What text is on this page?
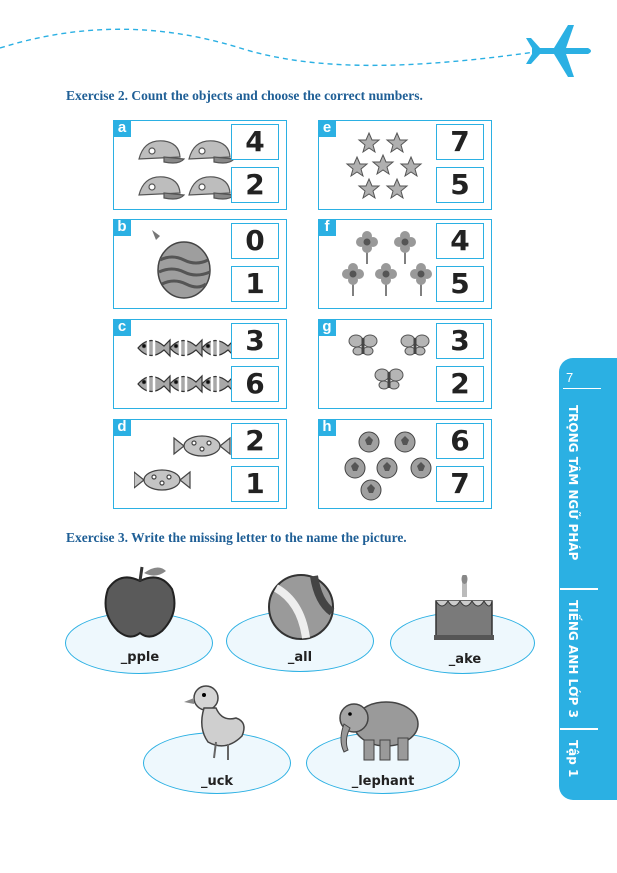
Exercise 2. Count the objects and choose the correct numbers.
a	4
2
b	0
1
c	3
6
d	2
1
e	7
5
f	4
5
g	3
2
h	6
7
Exercise 3. Write the missing letter to the name the picture.
_pple	_all	_ake
_uck	_lephant
7
TRỌNG TÂM NGỮ PHÁP
TIẾNG ANH LỚP 3
Tập 1
